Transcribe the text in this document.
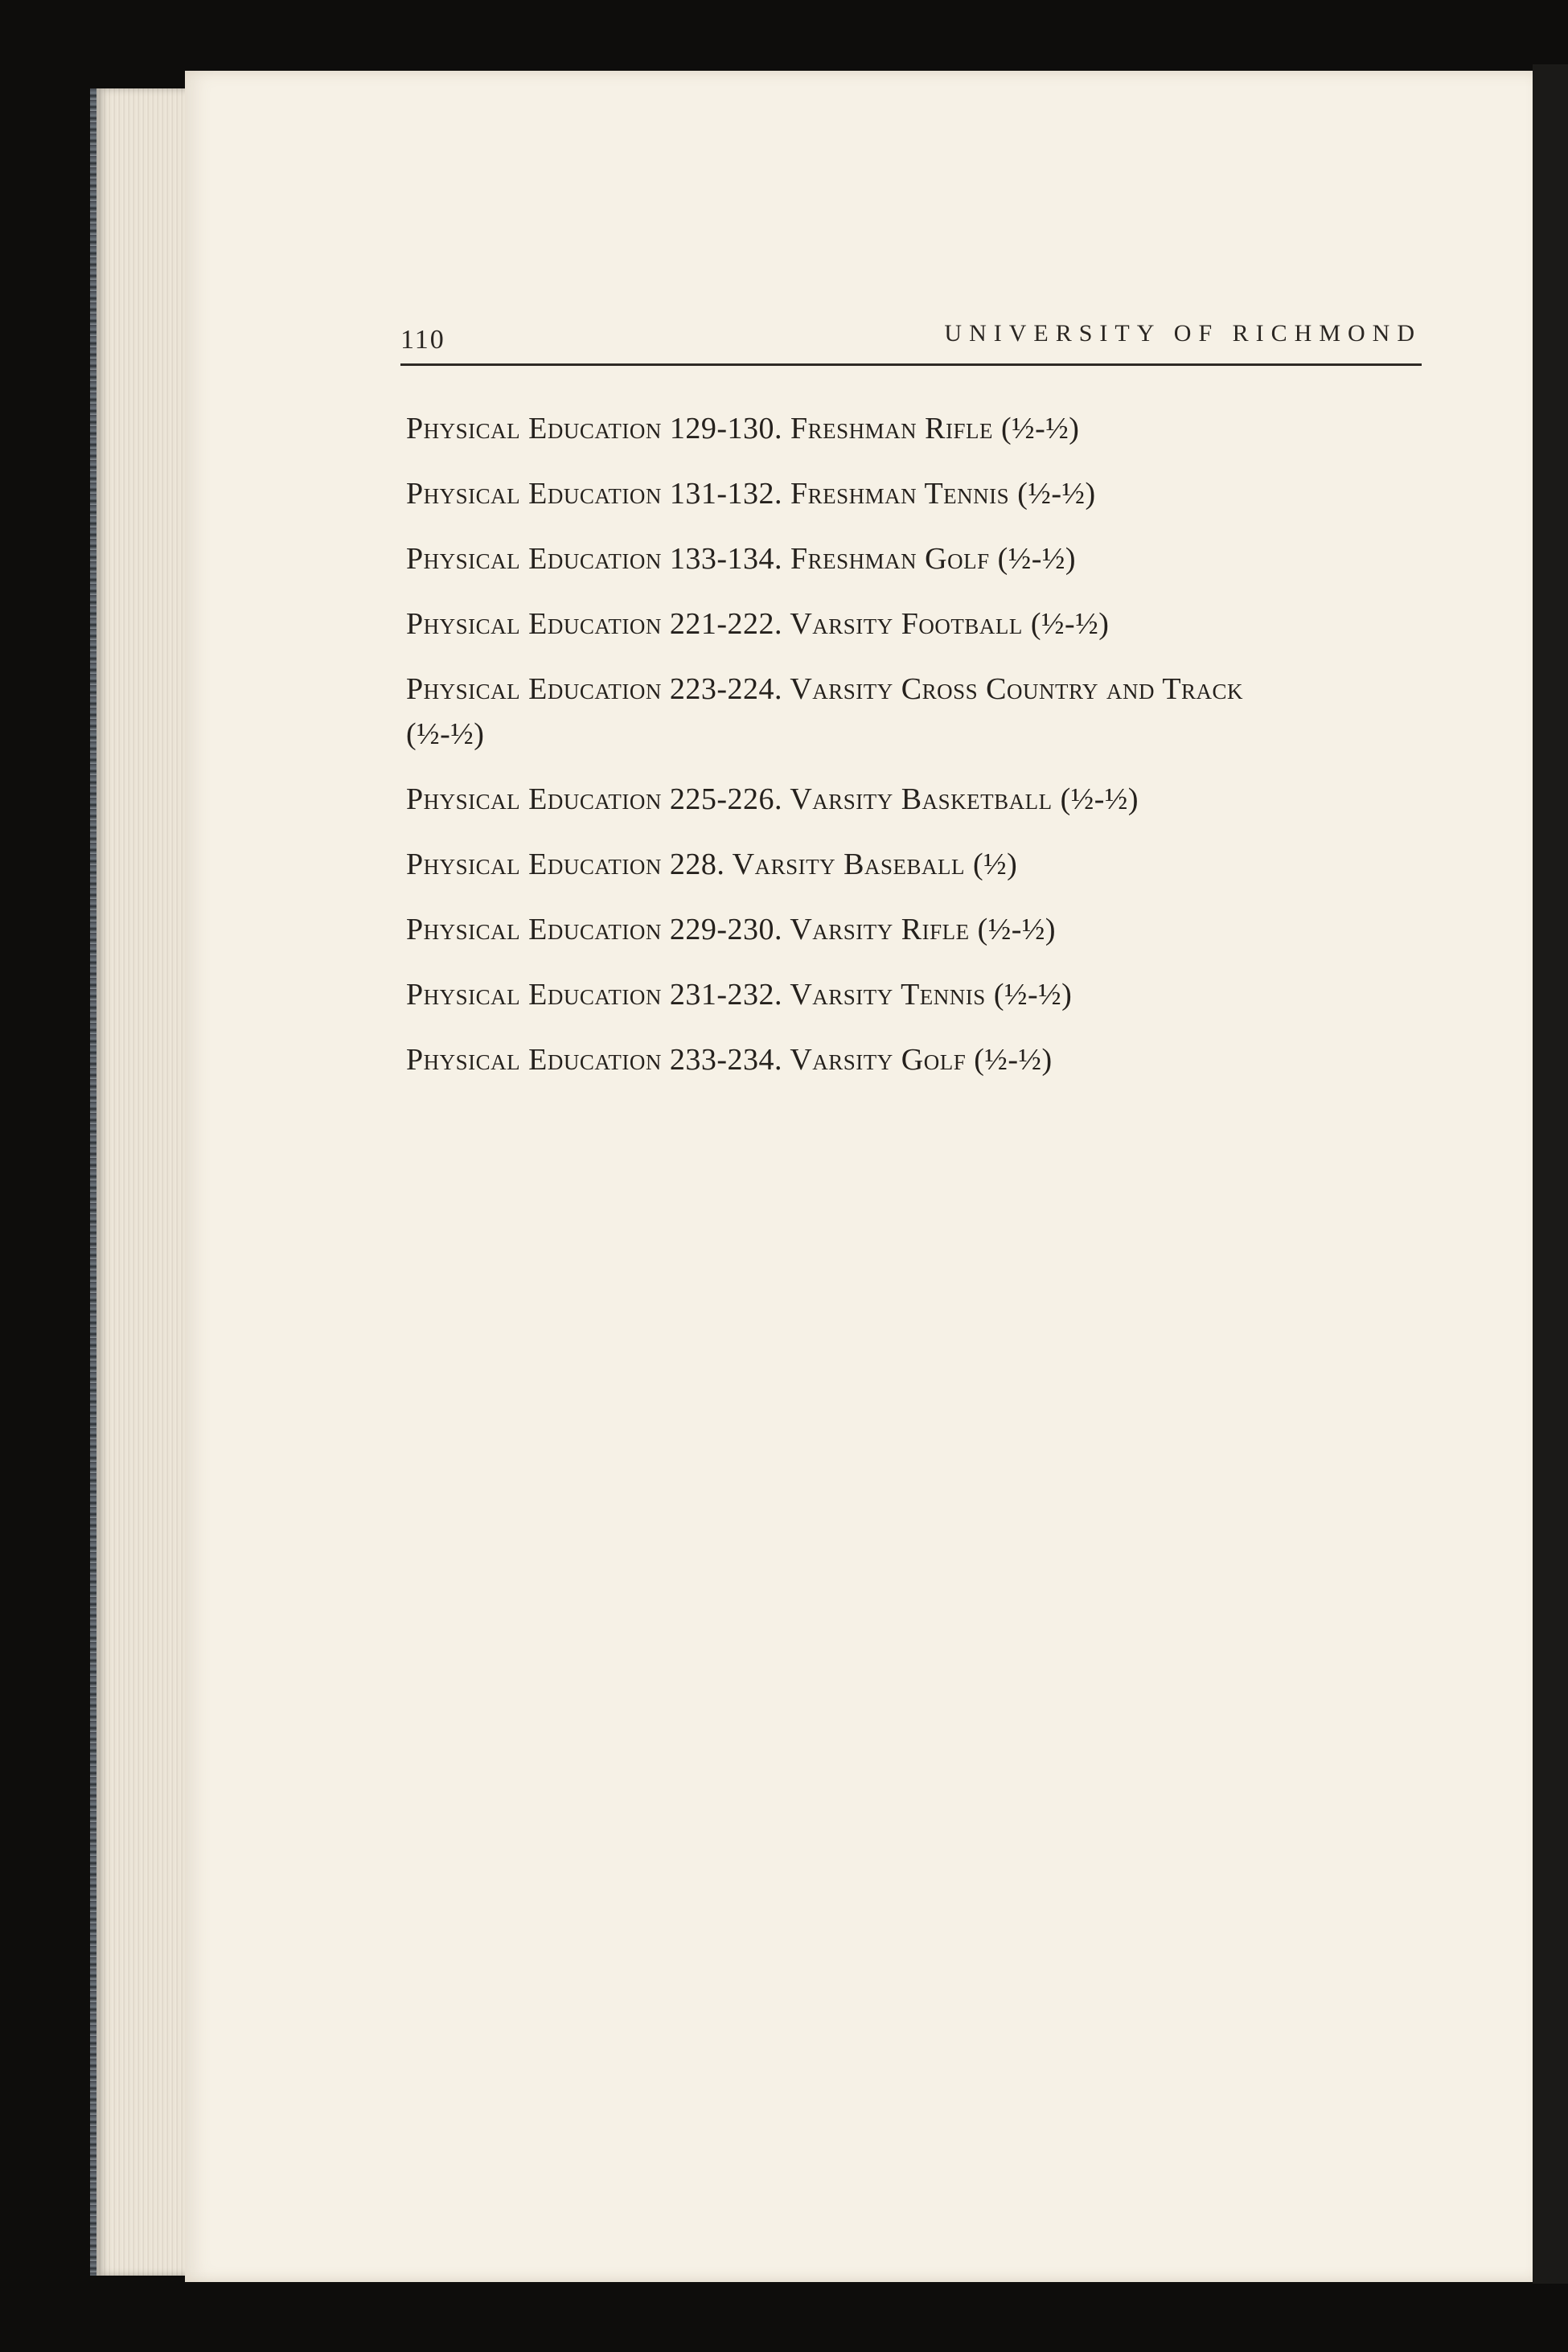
110	UNIVERSITY OF RICHMOND
Physical Education 129-130. Freshman Rifle (½-½)
Physical Education 131-132. Freshman Tennis (½-½)
Physical Education 133-134. Freshman Golf (½-½)
Physical Education 221-222. Varsity Football (½-½)
Physical Education 223-224. Varsity Cross Country and Track
(½-½)
Physical Education 225-226. Varsity Basketball (½-½)
Physical Education 228. Varsity Baseball (½)
Physical Education 229-230. Varsity Rifle (½-½)
Physical Education 231-232. Varsity Tennis (½-½)
Physical Education 233-234. Varsity Golf (½-½)
